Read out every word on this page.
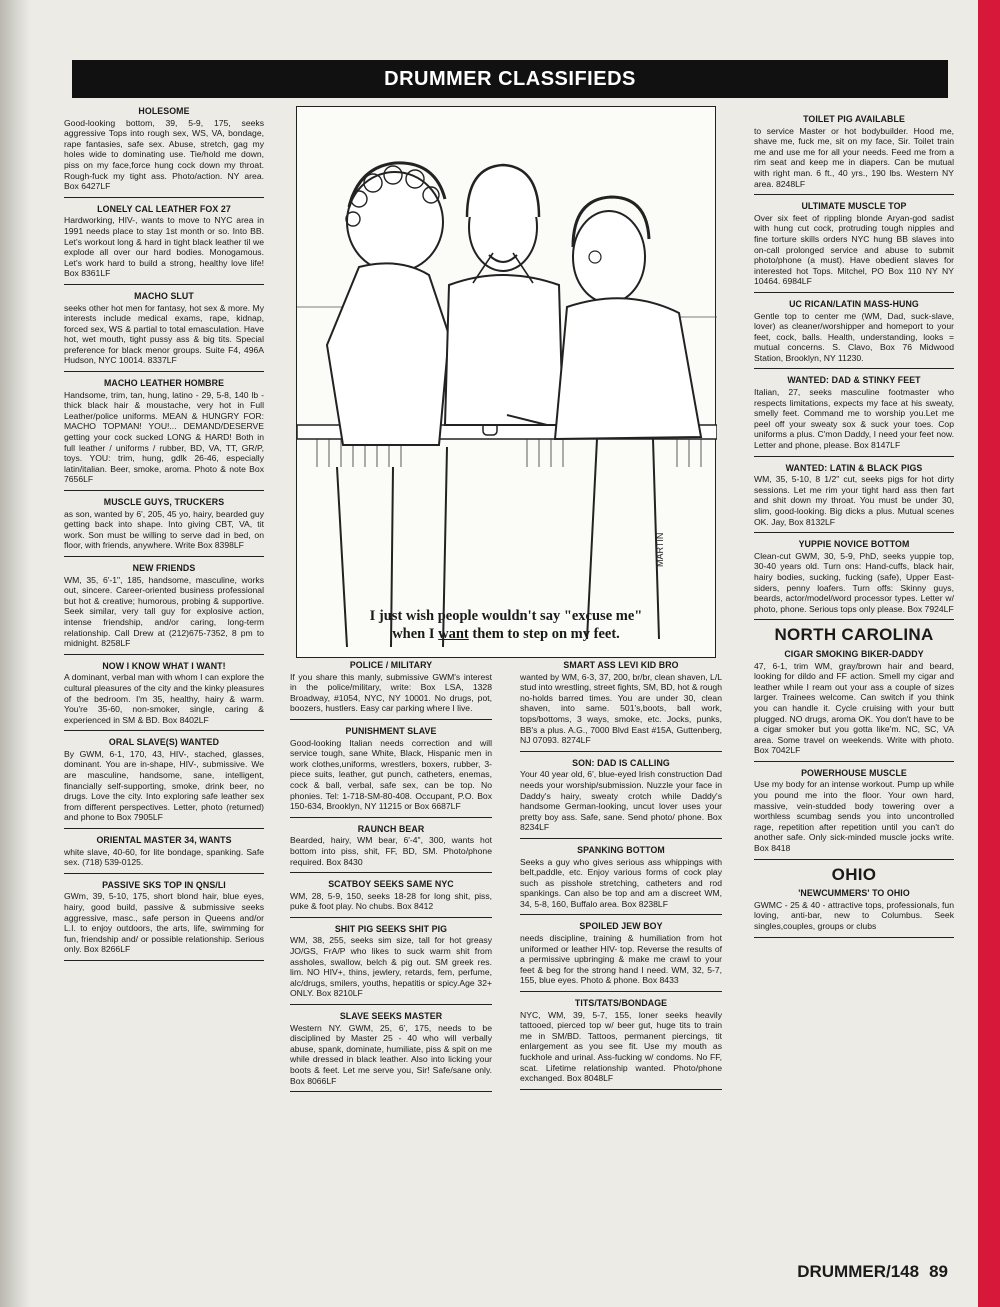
DRUMMER CLASSIFIEDS
HOLESOME
Good-looking bottom, 39, 5-9, 175, seeks aggressive Tops into rough sex, WS, VA, bondage, rape fantasies, safe sex. Abuse, stretch, gag my holes wide to dominating use. Tie/hold me down, piss on my face,force hung cock down my throat. Rough-fuck my tight ass. Photo/action. NY area. Box 6427LF
LONELY CAL LEATHER FOX 27
Hardworking, HIV-, wants to move to NYC area in 1991 needs place to stay 1st month or so. Into BB. Let's workout long & hard in tight black leather til we explode all over our hard bodies. Monogamous. Let's work hard to build a strong, healthy love life! Box 8361LF
MACHO SLUT
seeks other hot men for fantasy, hot sex & more. My interests include medical exams, rape, kidnap, forced sex, WS & partial to total emasculation. Have hot, wet mouth, tight pussy ass & big tits. Special preference for black menor groups. Suite F4, 496A Hudson, NYC 10014. 8337LF
MACHO LEATHER HOMBRE
Handsome, trim, tan, hung, latino - 29, 5-8, 140 lb - thick black hair & moustache, very hot in Full Leather/police uniforms. MEAN & HUNGRY FOR: MACHO TOPMAN! YOU!... DEMAND/DESERVE getting your cock sucked LONG & HARD! Both in full leather / uniforms / rubber, BD, VA, TT, GR/P, toys. YOU: trim, hung, gdlk 26-46, especially latin/italian. Beer, smoke, aroma. Photo & note Box 7656LF
MUSCLE GUYS, TRUCKERS
as son, wanted by 6', 205, 45 yo, hairy, bearded guy getting back into shape. Into giving CBT, VA, tit work. Son must be willing to serve dad in bed, on floor, with friends, anywhere. Write Box 8398LF
NEW FRIENDS
WM, 35, 6'-1", 185, handsome, masculine, works out, sincere. Career-oriented business professional but hot & creative; humorous, probing & supportive. Seek similar, very tall guy for explosive action, intense friendship, and/or caring, long-term relationship. Call Drew at (212)675-7352, 8 pm to midnight. 8258LF
NOW I KNOW WHAT I WANT!
A dominant, verbal man with whom I can explore the cultural pleasures of the city and the kinky pleasures of the bedroom. I'm 35, healthy, hairy & warm. You're 35-60, non-smoker, single, caring & experienced in SM & BD. Box 8402LF
ORAL SLAVE(S) WANTED
By GWM, 6-1, 170, 43, HIV-, stached, glasses, dominant. You are in-shape, HIV-, submissive. We are masculine, handsome, sane, intelligent, financially self-supporting, smoke, drink beer, no drugs. Love the city. Into exploring safe leather sex from different perspectives. Letter, photo (returned) and phone to Box 7905LF
ORIENTAL MASTER 34, WANTS
white slave, 40-60, for lite bondage, spanking. Safe sex. (718) 539-0125.
PASSIVE SKS TOP IN QNS/LI
GWm, 39, 5-10, 175, short blond hair, blue eyes, hairy, good build, passive & submissive seeks aggressive, masc., safe person in Queens and/or L.I. to enjoy outdoors, the arts, life, swimming for fun, friendship and/ or possible relationship. Serious only. Box 8266LF
MARTIN
I just wish people wouldn't say "excuse me"
when I want them to step on my feet.
POLICE / MILITARY
If you share this manly, submissive GWM's interest in the police/military, write: Box LSA, 1328 Broadway, #1054, NYC, NY 10001. No drugs, pot, boozers, hustlers. Easy car parking where I live.
PUNISHMENT SLAVE
Good-looking Italian needs correction and will service tough, sane White, Black, Hispanic men in work clothes,uniforms, wrestlers, boxers, rubber, 3-piece suits, leather, gut punch, catheters, enemas, cock & ball, verbal, safe sex, can be top. No phonies. Tel: 1-718-SM-80-408. Occupant, P.O. Box 150-634, Brooklyn, NY 11215 or Box 6687LF
RAUNCH BEAR
Bearded, hairy, WM bear, 6'-4", 300, wants hot bottom into piss, shit, FF, BD, SM. Photo/phone required. Box 8430
SCATBOY SEEKS SAME NYC
WM, 28, 5-9, 150, seeks 18-28 for long shit, piss, puke & foot play. No chubs. Box 8412
SHIT PIG SEEKS SHIT PIG
WM, 38, 255, seeks sim size, tall for hot greasy JO/GS, FrA/P who likes to suck warm shit from assholes, swallow, belch & pig out. SM greek res. lim. NO HIV+, thins, jewlery, retards, fem, perfume, alc/drugs, smilers, youths, hepatitis or spicy.Age 32+ ONLY. Box 8210LF
SLAVE SEEKS MASTER
Western NY. GWM, 25, 6', 175, needs to be disciplined by Master 25 - 40 who will verbally abuse, spank, dominate, humiliate, piss & spit on me while dressed in black leather. Also into licking your boots & feet. Let me serve you, Sir! Safe/sane only. Box 8066LF
SMART ASS LEVI KID BRO
wanted by WM, 6-3, 37, 200, br/br, clean shaven, L/L stud into wrestling, street fights, SM, BD, hot & rough no-holds barred times. You are under 30, clean shaven, into same. 501's,boots, ball work, tops/bottoms, 3 ways, smoke, etc. Jocks, punks, BB's a plus. A.G., 7000 Blvd East #15A, Guttenberg, NJ 07093. 8274LF
SON: DAD IS CALLING
Your 40 year old, 6', blue-eyed Irish construction Dad needs your worship/submission. Nuzzle your face in Daddy's hairy, sweaty crotch while Daddy's handsome German-looking, uncut lover uses your pretty boy ass. Safe, sane. Send photo/ phone. Box 8234LF
SPANKING BOTTOM
Seeks a guy who gives serious ass whippings with belt,paddle, etc. Enjoy various forms of cock play such as pisshole stretching, catheters and rod spankings. Can also be top and am a discreet WM, 34, 5-8, 160, Buffalo area. Box 8238LF
SPOILED JEW BOY
needs discipline, training & humiliation from hot uniformed or leather HIV- top. Reverse the results of a permissive upbringing & make me crawl to your feet & beg for the strong hand I need. WM, 32, 5-7, 155, blue eyes. Photo & phone. Box 8433
TITS/TATS/BONDAGE
NYC, WM, 39, 5-7, 155, loner seeks heavily tattooed, pierced top w/ beer gut, huge tits to train me in SM/BD. Tattoos, permanent piercings, tit enlargement as you see fit. Use my mouth as fuckhole and urinal. Ass-fucking w/ condoms. No FF, scat. Lifetime relationship wanted. Photo/phone exchanged. Box 8048LF
TOILET PIG AVAILABLE
to service Master or hot bodybuilder. Hood me, shave me, fuck me, sit on my face, Sir. Toilet train me and use me for all your needs. Feed me from a rim seat and keep me in diapers. Can be mutual with right man. 6 ft., 40 yrs., 190 lbs. Western NY area. 8248LF
ULTIMATE MUSCLE TOP
Over six feet of rippling blonde Aryan-god sadist with hung cut cock, protruding tough nipples and fine torture skills orders NYC hung BB slaves into on-call prolonged service and abuse to submit photo/phone (a must). Have obedient slaves for interested hot Tops. Mitchel, PO Box 110 NY NY 10464. 6984LF
UC RICAN/LATIN MASS-HUNG
Gentle top to center me (WM, Dad, suck-slave, lover) as cleaner/worshipper and homeport to your feet, cock, balls. Health, understanding, looks = mutual concerns. S. Clavo, Box 76 Midwood Station, Brooklyn, NY 11230.
WANTED: DAD & STINKY FEET
Italian, 27, seeks masculine footmaster who respects limitations, expects my face at his sweaty, smelly feet. Command me to worship you.Let me peel off your sweaty sox & suck your toes. Cop uniforms a plus. C'mon Daddy, I need your feet now. Letter and phone, please. Box 8147LF
WANTED: LATIN & BLACK PIGS
WM, 35, 5-10, 8 1/2" cut, seeks pigs for hot dirty sessions. Let me rim your tight hard ass then fart and shit down my throat. You must be under 30, slim, good-looking. Big dicks a plus. Mutual scenes OK. Jay, Box 8132LF
YUPPIE NOVICE BOTTOM
Clean-cut GWM, 30, 5-9, PhD, seeks yuppie top, 30-40 years old. Turn ons: Hand-cuffs, black hair, hairy bodies, sucking, fucking (safe), Upper East-siders, penny loafers. Turn offs: Skinny guys, beards, actor/model/word processor types. Letter w/ photo, phone. Serious tops only please. Box 7924LF
NORTH CAROLINA
CIGAR SMOKING BIKER-DADDY
47, 6-1, trim WM, gray/brown hair and beard, looking for dildo and FF action. Smell my cigar and leather while I ream out your ass a couple of sizes larger. Trainees welcome. Can switch if you think you can handle it. Cycle cruising with your butt plugged. NO drugs, aroma OK. You don't have to be a cigar smoker but you gotta like'm. NC, SC, VA area. Some travel on weekends. Write with photo. Box 7042LF
POWERHOUSE MUSCLE
Use my body for an intense workout. Pump up while you pound me into the floor. Your own hard, massive, vein-studded body towering over a worthless scumbag sends you into uncontrolled rage, repetition after repetition until you can't do another safe. Only sick-minded muscle jocks write. Box 8418
OHIO
'NEWCUMMERS' TO OHIO
GWMC - 25 & 40 - attractive tops, professionals, fun loving, anti-bar, new to Columbus. Seek singles,couples, groups or clubs
DRUMMER/148 89
